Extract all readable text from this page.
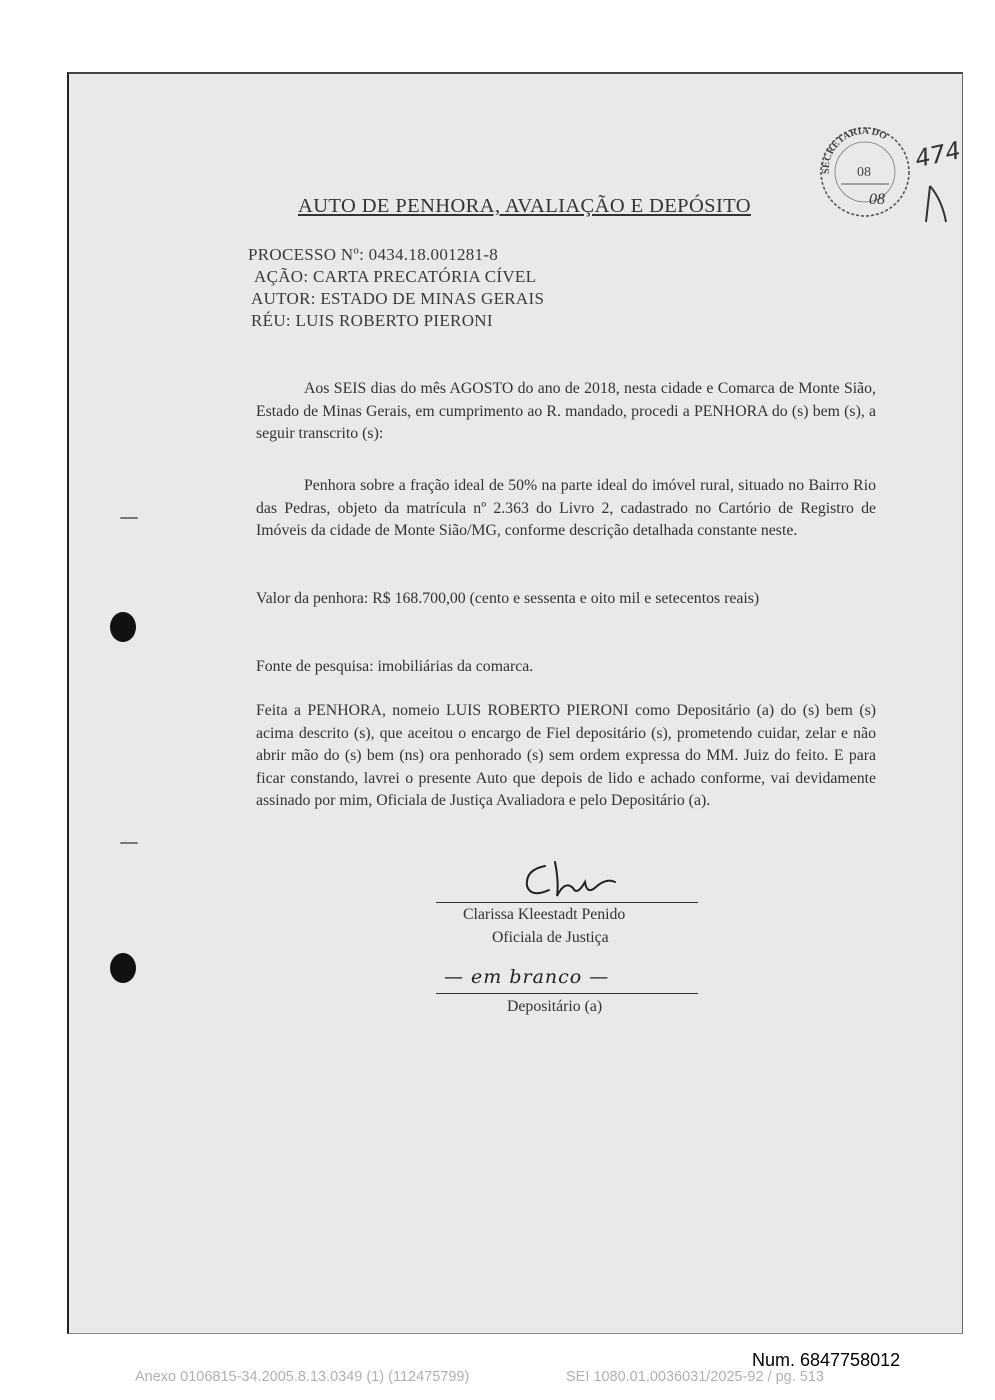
SECRETARIA DO
08
08
474
AUTO DE PENHORA, AVALIAÇÃO E DEPÓSITO
PROCESSO Nº: 0434.18.001281-8
AÇÃO: CARTA PRECATÓRIA CÍVEL
AUTOR: ESTADO DE MINAS GERAIS
RÉU: LUIS ROBERTO PIERONI
Aos SEIS dias do mês AGOSTO do ano de 2018, nesta cidade e Comarca de Monte Sião, Estado de Minas Gerais, em cumprimento ao R. mandado, procedi a PENHORA do (s) bem (s), a seguir transcrito (s):
Penhora sobre a fração ideal de 50% na parte ideal do imóvel rural, situado no Bairro Rio das Pedras, objeto da matrícula nº 2.363 do Livro 2, cadastrado no Cartório de Registro de Imóveis da cidade de Monte Sião/MG, conforme descrição detalhada constante neste.
Valor da penhora: R$ 168.700,00 (cento e sessenta e oito mil e setecentos reais)
Fonte de pesquisa: imobiliárias da comarca.
Feita a PENHORA, nomeio LUIS ROBERTO PIERONI como Depositário (a) do (s) bem (s) acima descrito (s), que aceitou o encargo de Fiel depositário (s), prometendo cuidar, zelar e não abrir mão do (s) bem (ns) ora penhorado (s) sem ordem expressa do MM. Juiz do feito. E para ficar constando, lavrei o presente Auto que depois de lido e achado conforme, vai devidamente assinado por mim, Oficiala de Justiça Avaliadora e pelo Depositário (a).
Clarissa Kleestadt Penido
Oficiala de Justiça
— em branco —
Depositário (a)
Num. 6847758012
Anexo 0106815-34.2005.8.13.0349 (1) (112475799)	SEI 1080.01.0036031/2025-92 / pg. 513
